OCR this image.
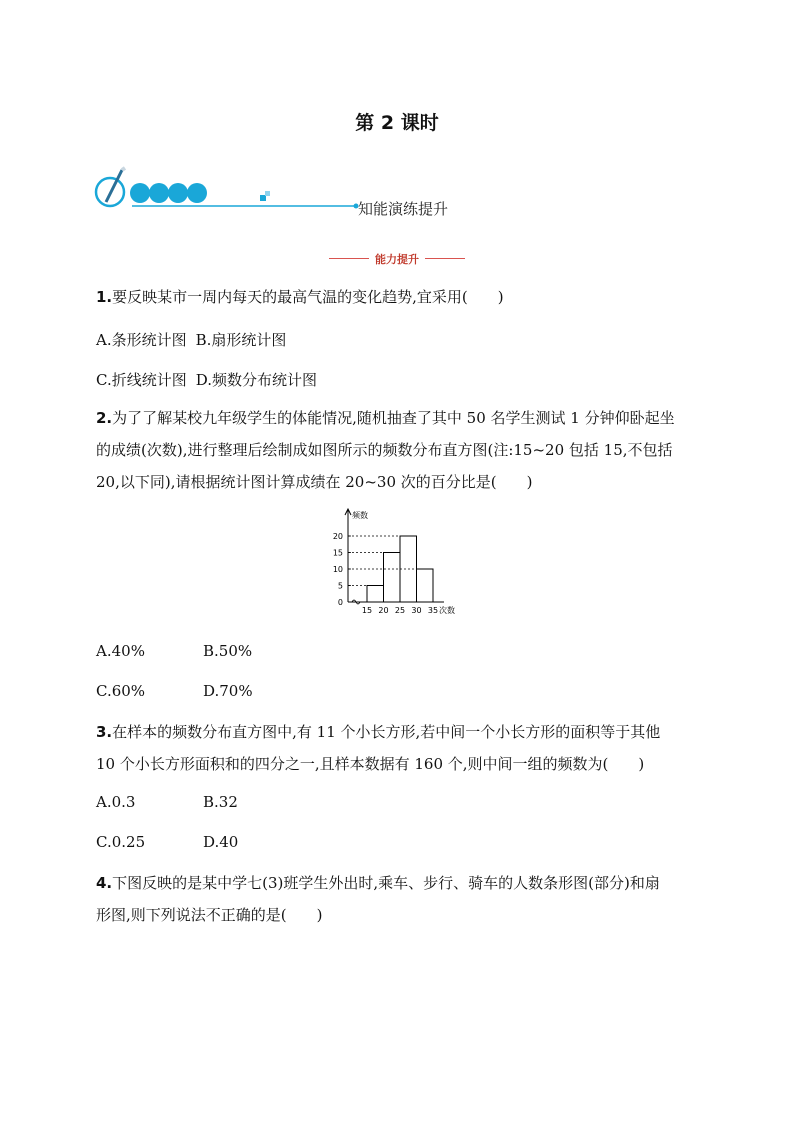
第 2 课时
知能演练提升
能力提升
1.要反映某市一周内每天的最高气温的变化趋势,宜采用(　　)
A.条形统计图 B.扇形统计图
C.折线统计图 D.频数分布统计图
2.为了了解某校九年级学生的体能情况,随机抽查了其中 50 名学生测试 1 分钟仰卧起坐
的成绩(次数),进行整理后绘制成如图所示的频数分布直方图(注:15~20 包括 15,不包括
20,以下同),请根据统计图计算成绩在 20~30 次的百分比是(　　)
0
5
10
15
20
15 20 25 30 35 次数
频数
A.40%	B.50%
C.60%	D.70%
3.在样本的频数分布直方图中,有 11 个小长方形,若中间一个小长方形的面积等于其他
10 个小长方形面积和的四分之一,且样本数据有 160 个,则中间一组的频数为(　　)
A.0.3	B.32
C.0.25	D.40
4.下图反映的是某中学七(3)班学生外出时,乘车、步行、骑车的人数条形图(部分)和扇
形图,则下列说法不正确的是(　　)
